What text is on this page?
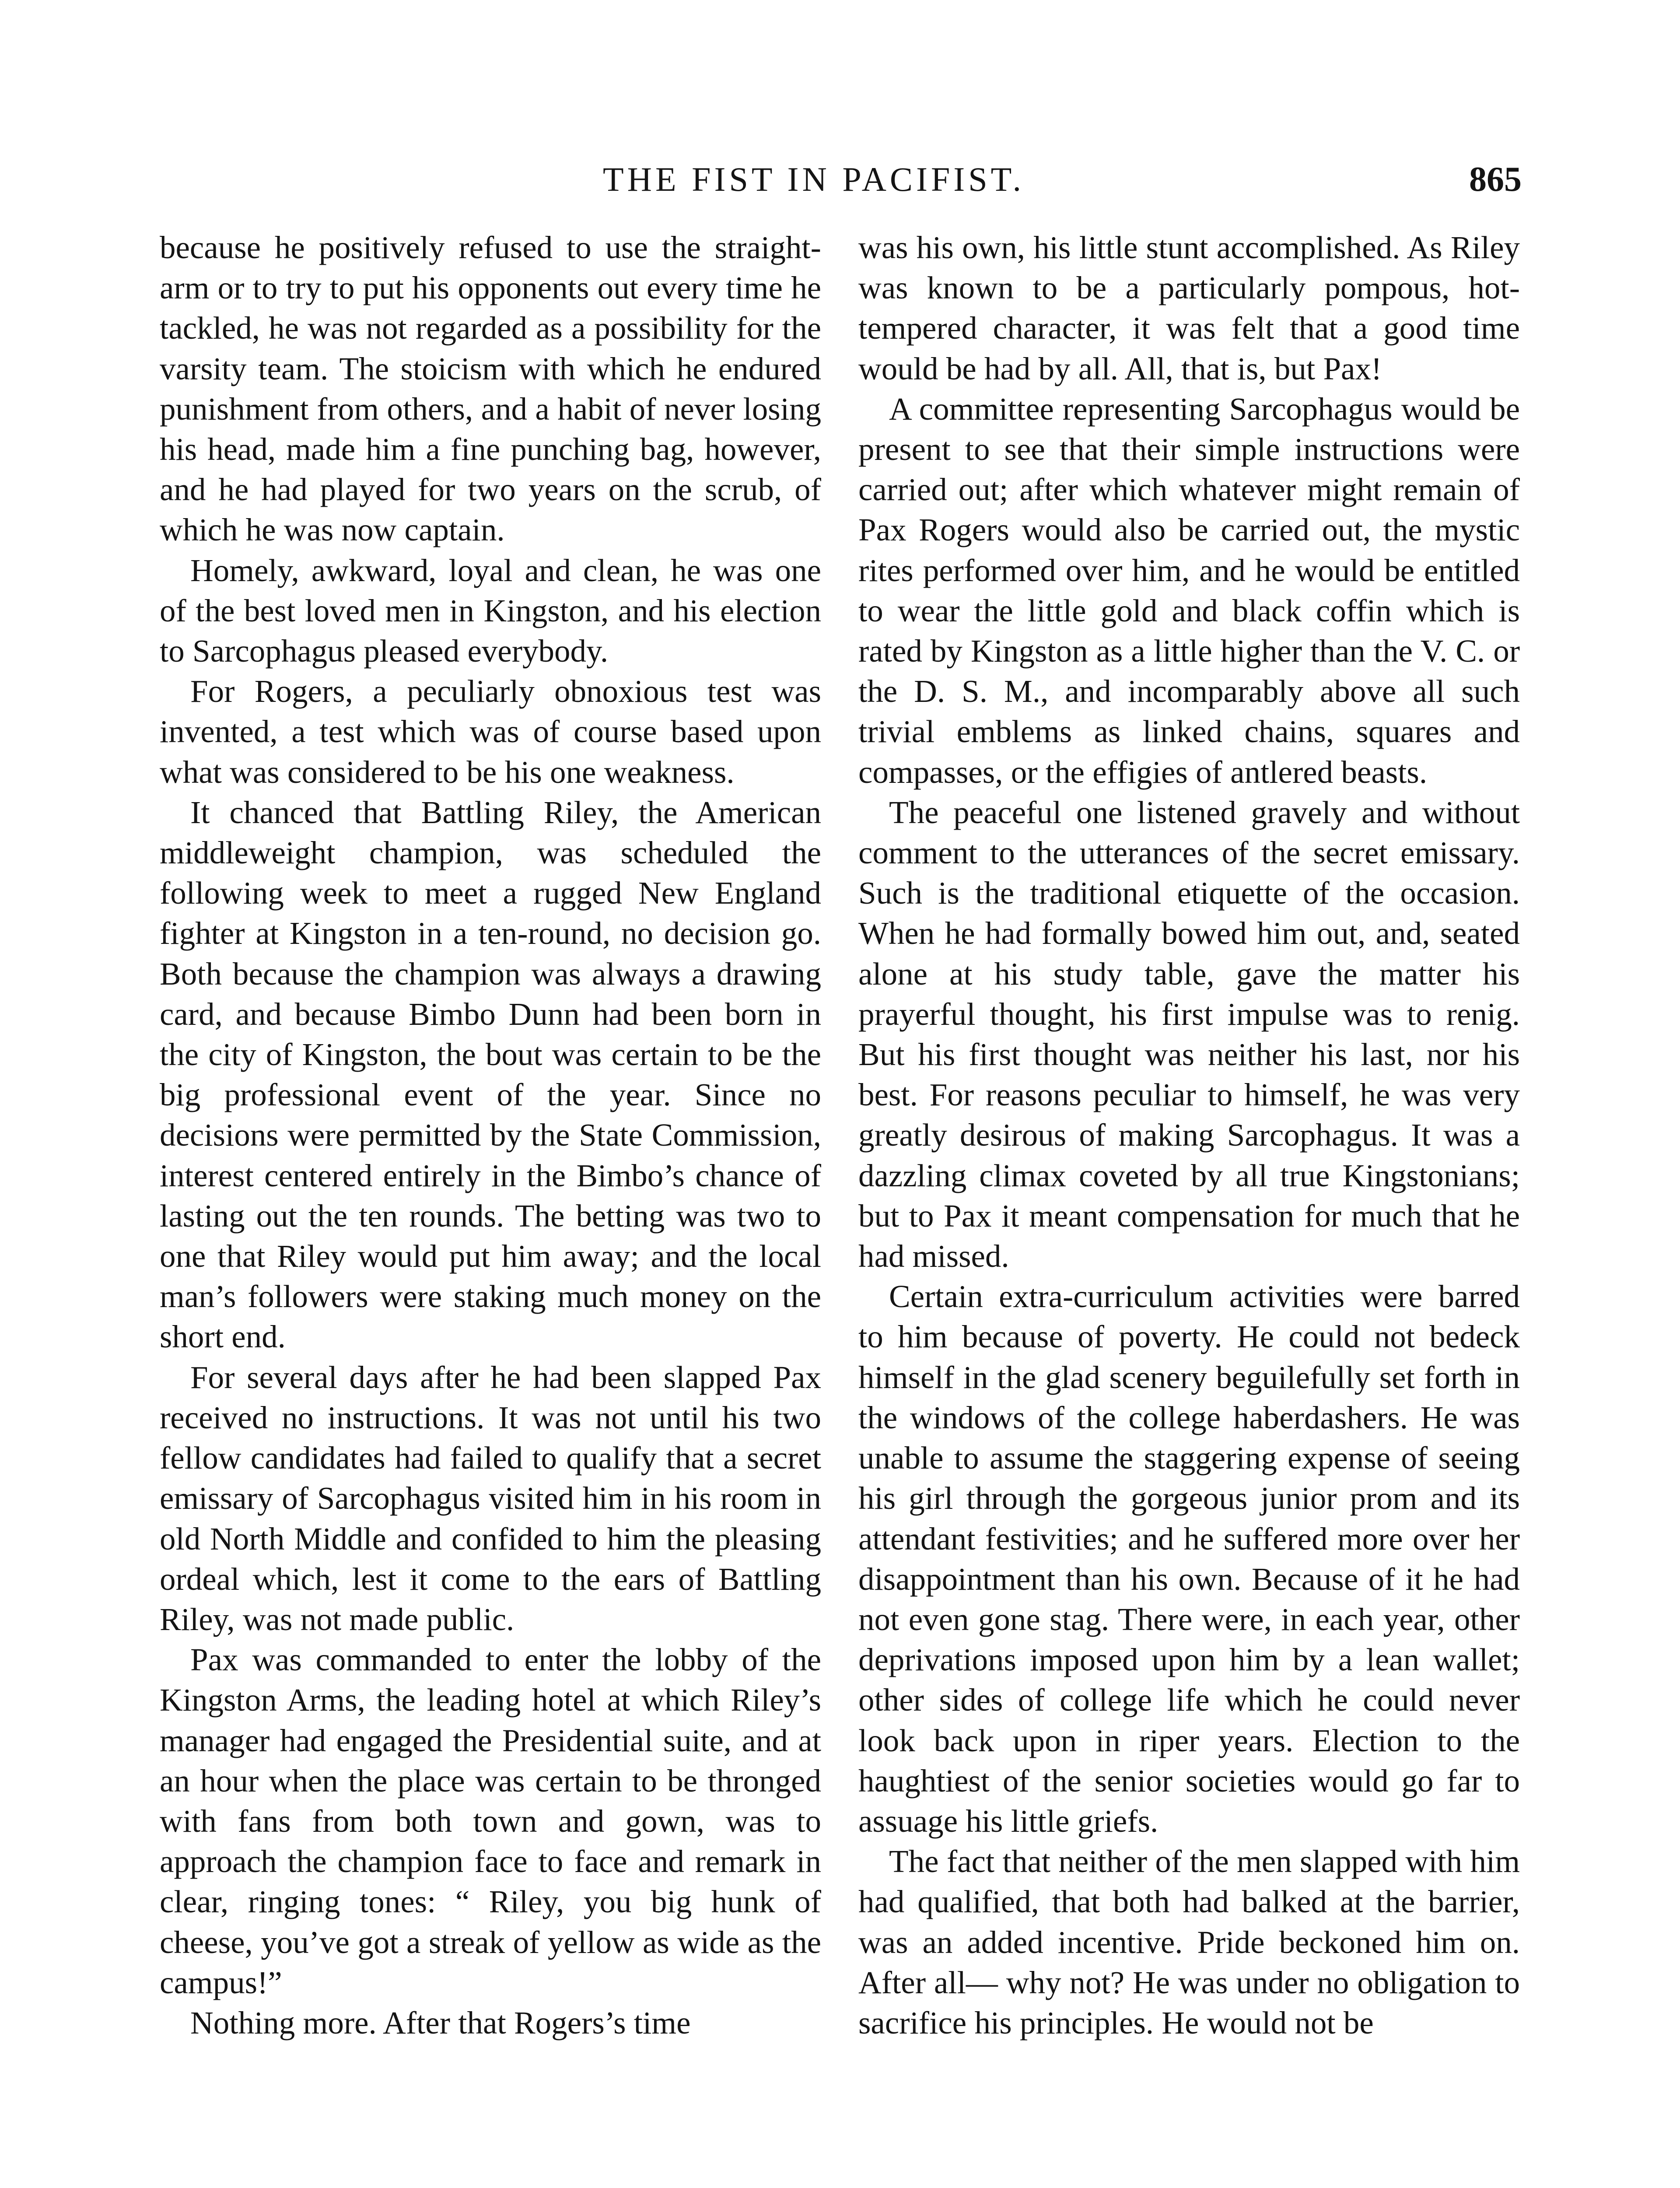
THE FIST IN PACIFIST.	865

because he positively refused to use the straight-arm or to try to put his opponents out every time he tackled, he was not regarded as a possibility for the varsity team. The stoicism with which he endured punishment from others, and a habit of never losing his head, made him a fine punching bag, however, and he had played for two years on the scrub, of which he was now captain.

Homely, awkward, loyal and clean, he was one of the best loved men in Kingston, and his election to Sarcophagus pleased everybody.

For Rogers, a peculiarly obnoxious test was invented, a test which was of course based upon what was considered to be his one weakness.

It chanced that Battling Riley, the American middleweight champion, was scheduled the following week to meet a rugged New England fighter at Kingston in a ten-round, no decision go. Both because the champion was always a drawing card, and because Bimbo Dunn had been born in the city of Kingston, the bout was certain to be the big professional event of the year. Since no decisions were permitted by the State Commission, interest centered entirely in the Bimbo’s chance of lasting out the ten rounds. The betting was two to one that Riley would put him away; and the local man’s followers were staking much money on the short end.

For several days after he had been slapped Pax received no instructions. It was not until his two fellow candidates had failed to qualify that a secret emissary of Sarcophagus visited him in his room in old North Middle and confided to him the pleasing ordeal which, lest it come to the ears of Battling Riley, was not made public.

Pax was commanded to enter the lobby of the Kingston Arms, the leading hotel at which Riley’s manager had engaged the Presidential suite, and at an hour when the place was certain to be thronged with fans from both town and gown, was to approach the champion face to face and remark in clear, ringing tones: “ Riley, you big hunk of cheese, you’ve got a streak of yellow as wide as the campus!”

Nothing more. After that Rogers’s time

was his own, his little stunt accomplished. As Riley was known to be a particularly pompous, hot-tempered character, it was felt that a good time would be had by all. All, that is, but Pax!

A committee representing Sarcophagus would be present to see that their simple instructions were carried out; after which whatever might remain of Pax Rogers would also be carried out, the mystic rites performed over him, and he would be entitled to wear the little gold and black coffin which is rated by Kingston as a little higher than the V. C. or the D. S. M., and incomparably above all such trivial emblems as linked chains, squares and compasses, or the effigies of antlered beasts.

The peaceful one listened gravely and without comment to the utterances of the secret emissary. Such is the traditional etiquette of the occasion. When he had formally bowed him out, and, seated alone at his study table, gave the matter his prayerful thought, his first impulse was to renig. But his first thought was neither his last, nor his best. For reasons peculiar to himself, he was very greatly desirous of making Sarcophagus. It was a dazzling climax coveted by all true Kingstonians; but to Pax it meant compensation for much that he had missed.

Certain extra-curriculum activities were barred to him because of poverty. He could not bedeck himself in the glad scenery beguilefully set forth in the windows of the college haberdashers. He was unable to assume the staggering expense of seeing his girl through the gorgeous junior prom and its attendant festivities; and he suffered more over her disappointment than his own. Because of it he had not even gone stag. There were, in each year, other deprivations imposed upon him by a lean wallet; other sides of college life which he could never look back upon in riper years. Election to the haughtiest of the senior societies would go far to assuage his little griefs.

The fact that neither of the men slapped with him had qualified, that both had balked at the barrier, was an added incentive. Pride beckoned him on. After all— why not? He was under no obligation to sacrifice his principles. He would not be
